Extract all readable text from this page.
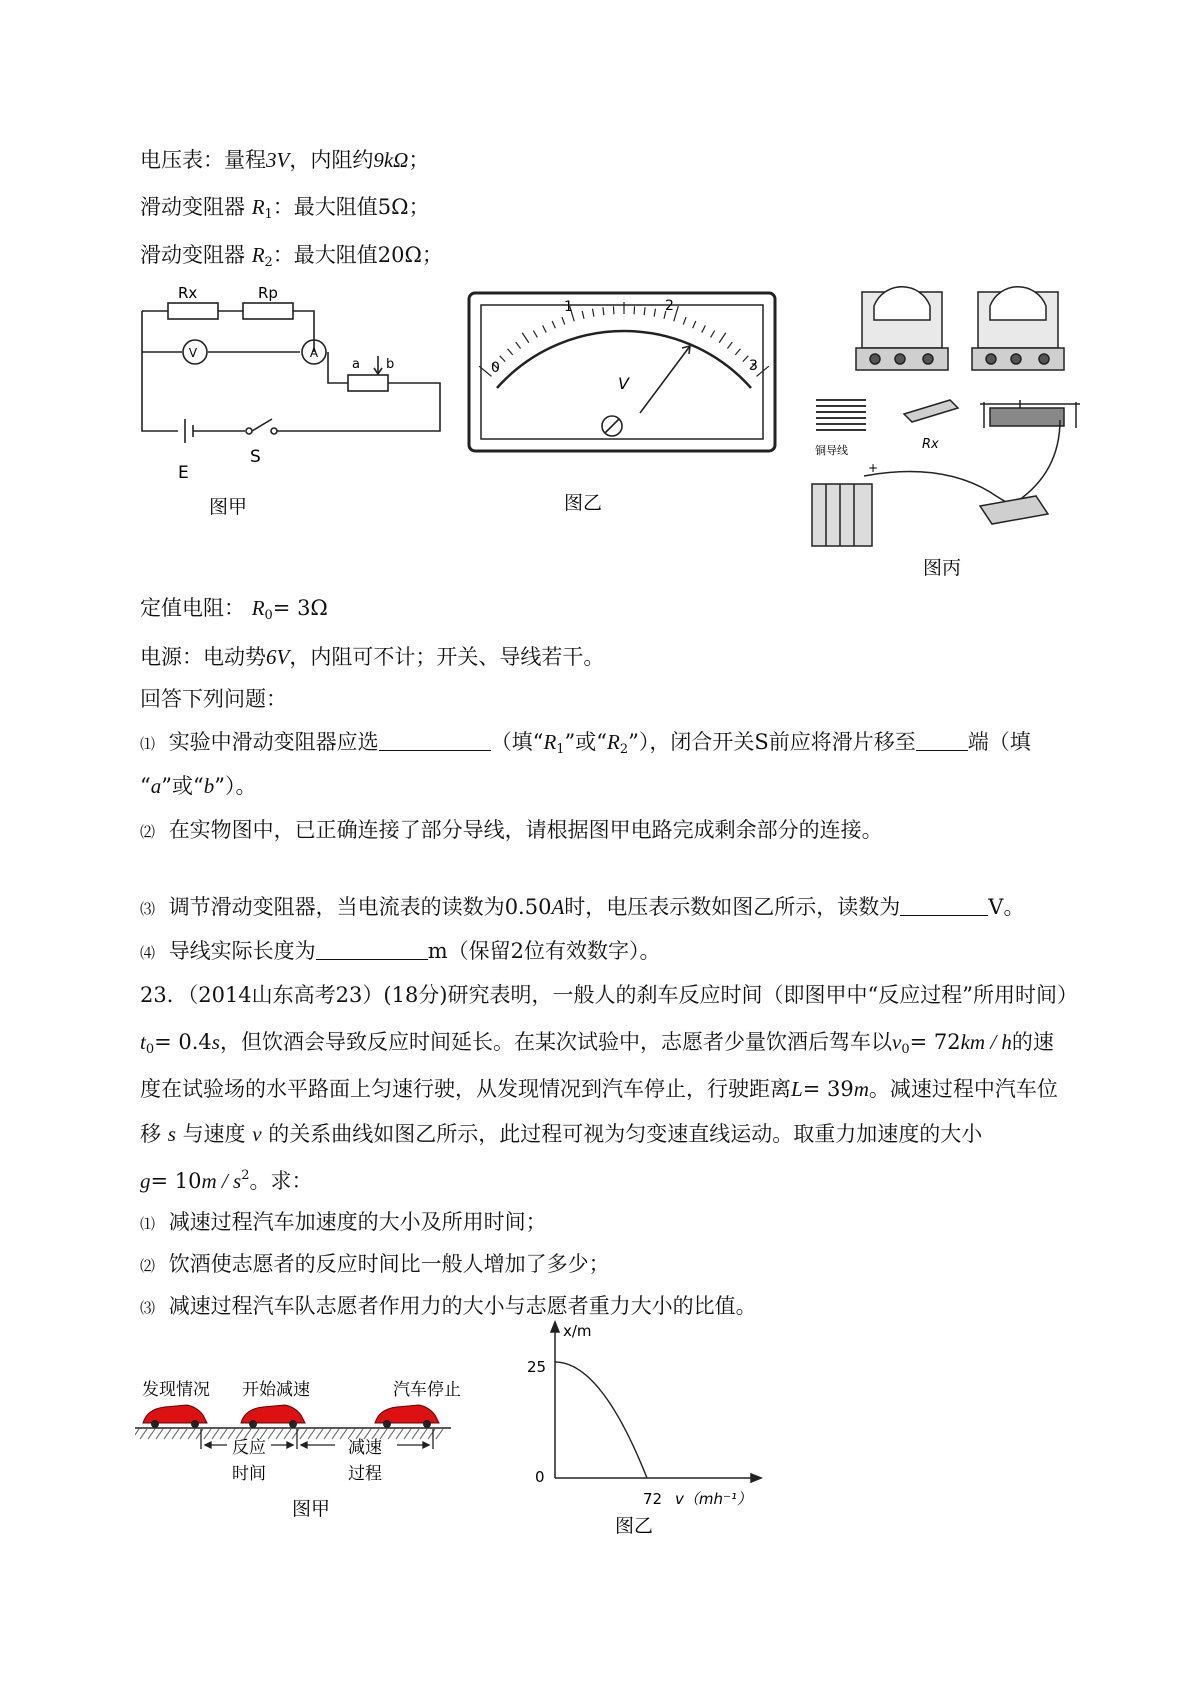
电压表：量程3V，内阻约9kΩ；
滑动变阻器 $R_1$：最大阻值5Ω；
滑动变阻器 $R_2$：最大阻值20Ω；
V	A
Rx	Rp
a b
E
S
图甲
0
1	2
3
V
图乙
铜导线	Rx
+
图丙
定值电阻： $R_0= 3\Omega$
电源：电动势6V，内阻可不计；开关、导线若干。
回答下列问题：
⑴ 实验中滑动变阻器应选	（填“$R_1$”或“$R_2$”），闭合开关S前应将滑片移至 端（填
“a”或“b”）。
⑵ 在实物图中，已正确连接了部分导线，请根据图甲电路完成剩余部分的连接。
⑶ 调节滑动变阻器，当电流表的读数为0.50A时，电压表示数如图乙所示，读数为	V。
⑷ 导线实际长度为	m（保留2位有效数字）。
23．（2014山东高考23）(18分)研究表明，一般人的刹车反应时间（即图甲中“反应过程”所用时间）
$t_0= 0.4s$，但饮酒会导致反应时间延长。在某次试验中，志愿者少量饮酒后驾车以$v_0= 72km / h$的速
度在试验场的水平路面上匀速行驶，从发现情况到汽车停止，行驶距离L= 39m。减速过程中汽车位
移 s 与速度 v 的关系曲线如图乙所示，此过程可视为匀变速直线运动。取重力加速度的大小
$g= 10m / s^2$。求：
⑴ 减速过程汽车加速度的大小及所用时间；
⑵ 饮酒使志愿者的反应时间比一般人增加了多少；
⑶ 减速过程汽车队志愿者作用力的大小与志愿者重力大小的比值。
发现情况 开始减速	汽车停止
反应
时间
减速
过程
图甲
x/m
25
0
72 v（mh⁻¹）
图乙
